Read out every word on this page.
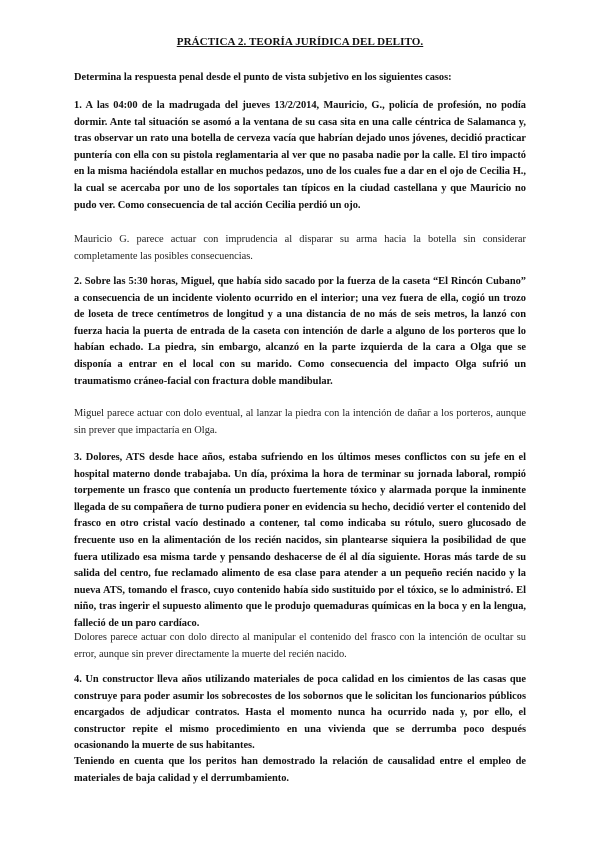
PRÁCTICA 2. TEORÍA JURÍDICA DEL DELITO.
Determina la respuesta penal desde el punto de vista subjetivo en los siguientes casos:
1. A las 04:00 de la madrugada del jueves 13/2/2014, Mauricio, G., policía de profesión, no podía dormir. Ante tal situación se asomó a la ventana de su casa sita en una calle céntrica de Salamanca y, tras observar un rato una botella de cerveza vacía que habrían dejado unos jóvenes, decidió practicar puntería con ella con su pistola reglamentaria al ver que no pasaba nadie por la calle. El tiro impactó en la misma haciéndola estallar en muchos pedazos, uno de los cuales fue a dar en el ojo de Cecilia H., la cual se acercaba por uno de los soportales tan típicos en la ciudad castellana y que Mauricio no pudo ver. Como consecuencia de tal acción Cecilia perdió un ojo.
Mauricio G. parece actuar con imprudencia al disparar su arma hacia la botella sin considerar completamente las posibles consecuencias.
2. Sobre las 5:30 horas, Miguel, que había sido sacado por la fuerza de la caseta “El Rincón Cubano” a consecuencia de un incidente violento ocurrido en el interior; una vez fuera de ella, cogió un trozo de loseta de trece centímetros de longitud y a una distancia de no más de seis metros, la lanzó con fuerza hacia la puerta de entrada de la caseta con intención de darle a alguno de los porteros que lo habían echado. La piedra, sin embargo, alcanzó en la parte izquierda de la cara a Olga que se disponía a entrar en el local con su marido. Como consecuencia del impacto Olga sufrió un traumatismo cráneo-facial con fractura doble mandibular.
Miguel parece actuar con dolo eventual, al lanzar la piedra con la intención de dañar a los porteros, aunque sin prever que impactaría en Olga.
3. Dolores, ATS desde hace años, estaba sufriendo en los últimos meses conflictos con su jefe en el hospital materno donde trabajaba. Un día, próxima la hora de terminar su jornada laboral, rompió torpemente un frasco que contenía un producto fuertemente tóxico y alarmada porque la inminente llegada de su compañera de turno pudiera poner en evidencia su hecho, decidió verter el contenido del frasco en otro cristal vacío destinado a contener, tal como indicaba su rótulo, suero glucosado de frecuente uso en la alimentación de los recién nacidos, sin plantearse siquiera la posibilidad de que fuera utilizado esa misma tarde y pensando deshacerse de él al día siguiente. Horas más tarde de su salida del centro, fue reclamado alimento de esa clase para atender a un pequeño recién nacido y la nueva ATS, tomando el frasco, cuyo contenido había sido sustituido por el tóxico, se lo administró. El niño, tras ingerir el supuesto alimento que le produjo quemaduras químicas en la boca y en la lengua, falleció de un paro cardíaco.
Dolores parece actuar con dolo directo al manipular el contenido del frasco con la intención de ocultar su error, aunque sin prever directamente la muerte del recién nacido.
4. Un constructor lleva años utilizando materiales de poca calidad en los cimientos de las casas que construye para poder asumir los sobrecostes de los sobornos que le solicitan los funcionarios públicos encargados de adjudicar contratos. Hasta el momento nunca ha ocurrido nada y, por ello, el constructor repite el mismo procedimiento en una vivienda que se derrumba poco después ocasionando la muerte de sus habitantes.
Teniendo en cuenta que los peritos han demostrado la relación de causalidad entre el empleo de materiales de baja calidad y el derrumbamiento.
